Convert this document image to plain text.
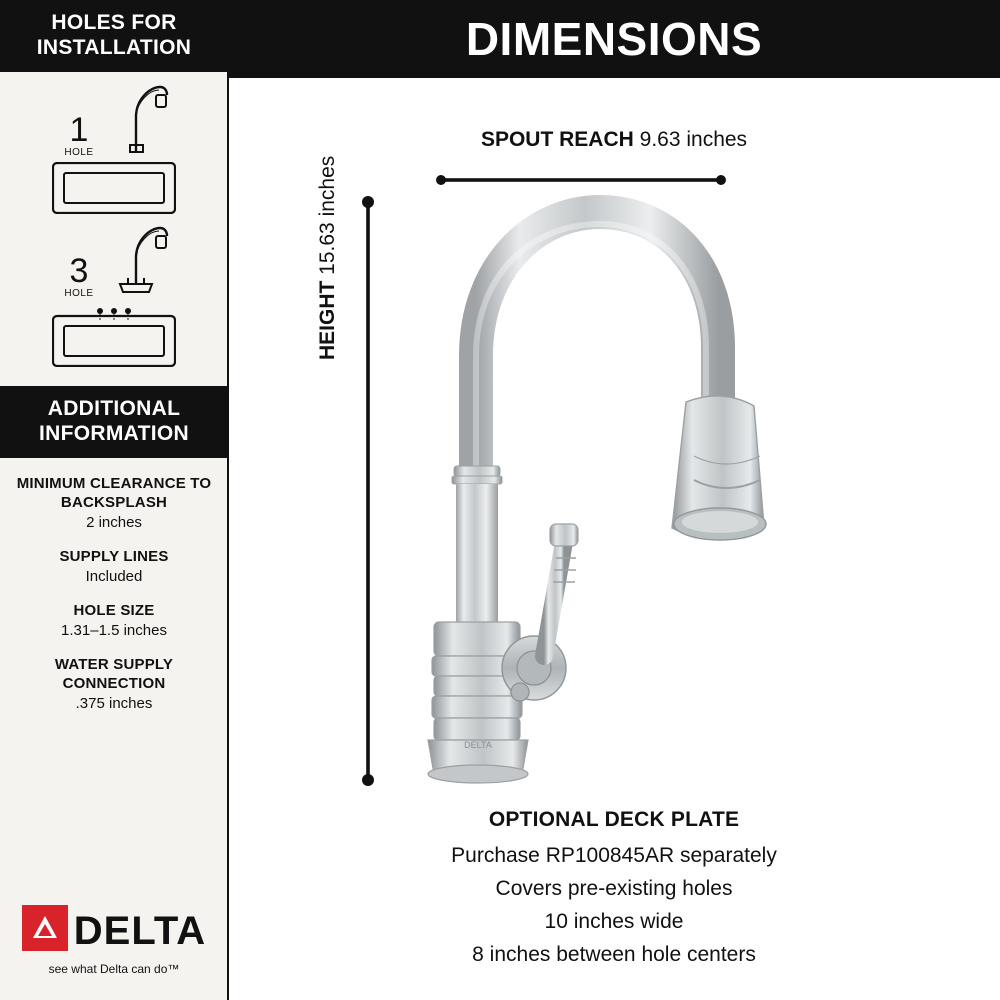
HOLES FOR
INSTALLATION
1
HOLE
3
HOLE
ADDITIONAL
INFORMATION
MINIMUM CLEARANCE TO BACKSPLASH
2 inches
SUPPLY LINES
Included
HOLE SIZE
1.31–1.5 inches
WATER SUPPLY CONNECTION
.375 inches
DELTA
see what Delta can do™
DIMENSIONS
SPOUT REACH 9.63 inches
HEIGHT 15.63 inches
DELTA
OPTIONAL DECK PLATE
Purchase RP100845AR separately
Covers pre-existing holes
10 inches wide
8 inches between hole centers
